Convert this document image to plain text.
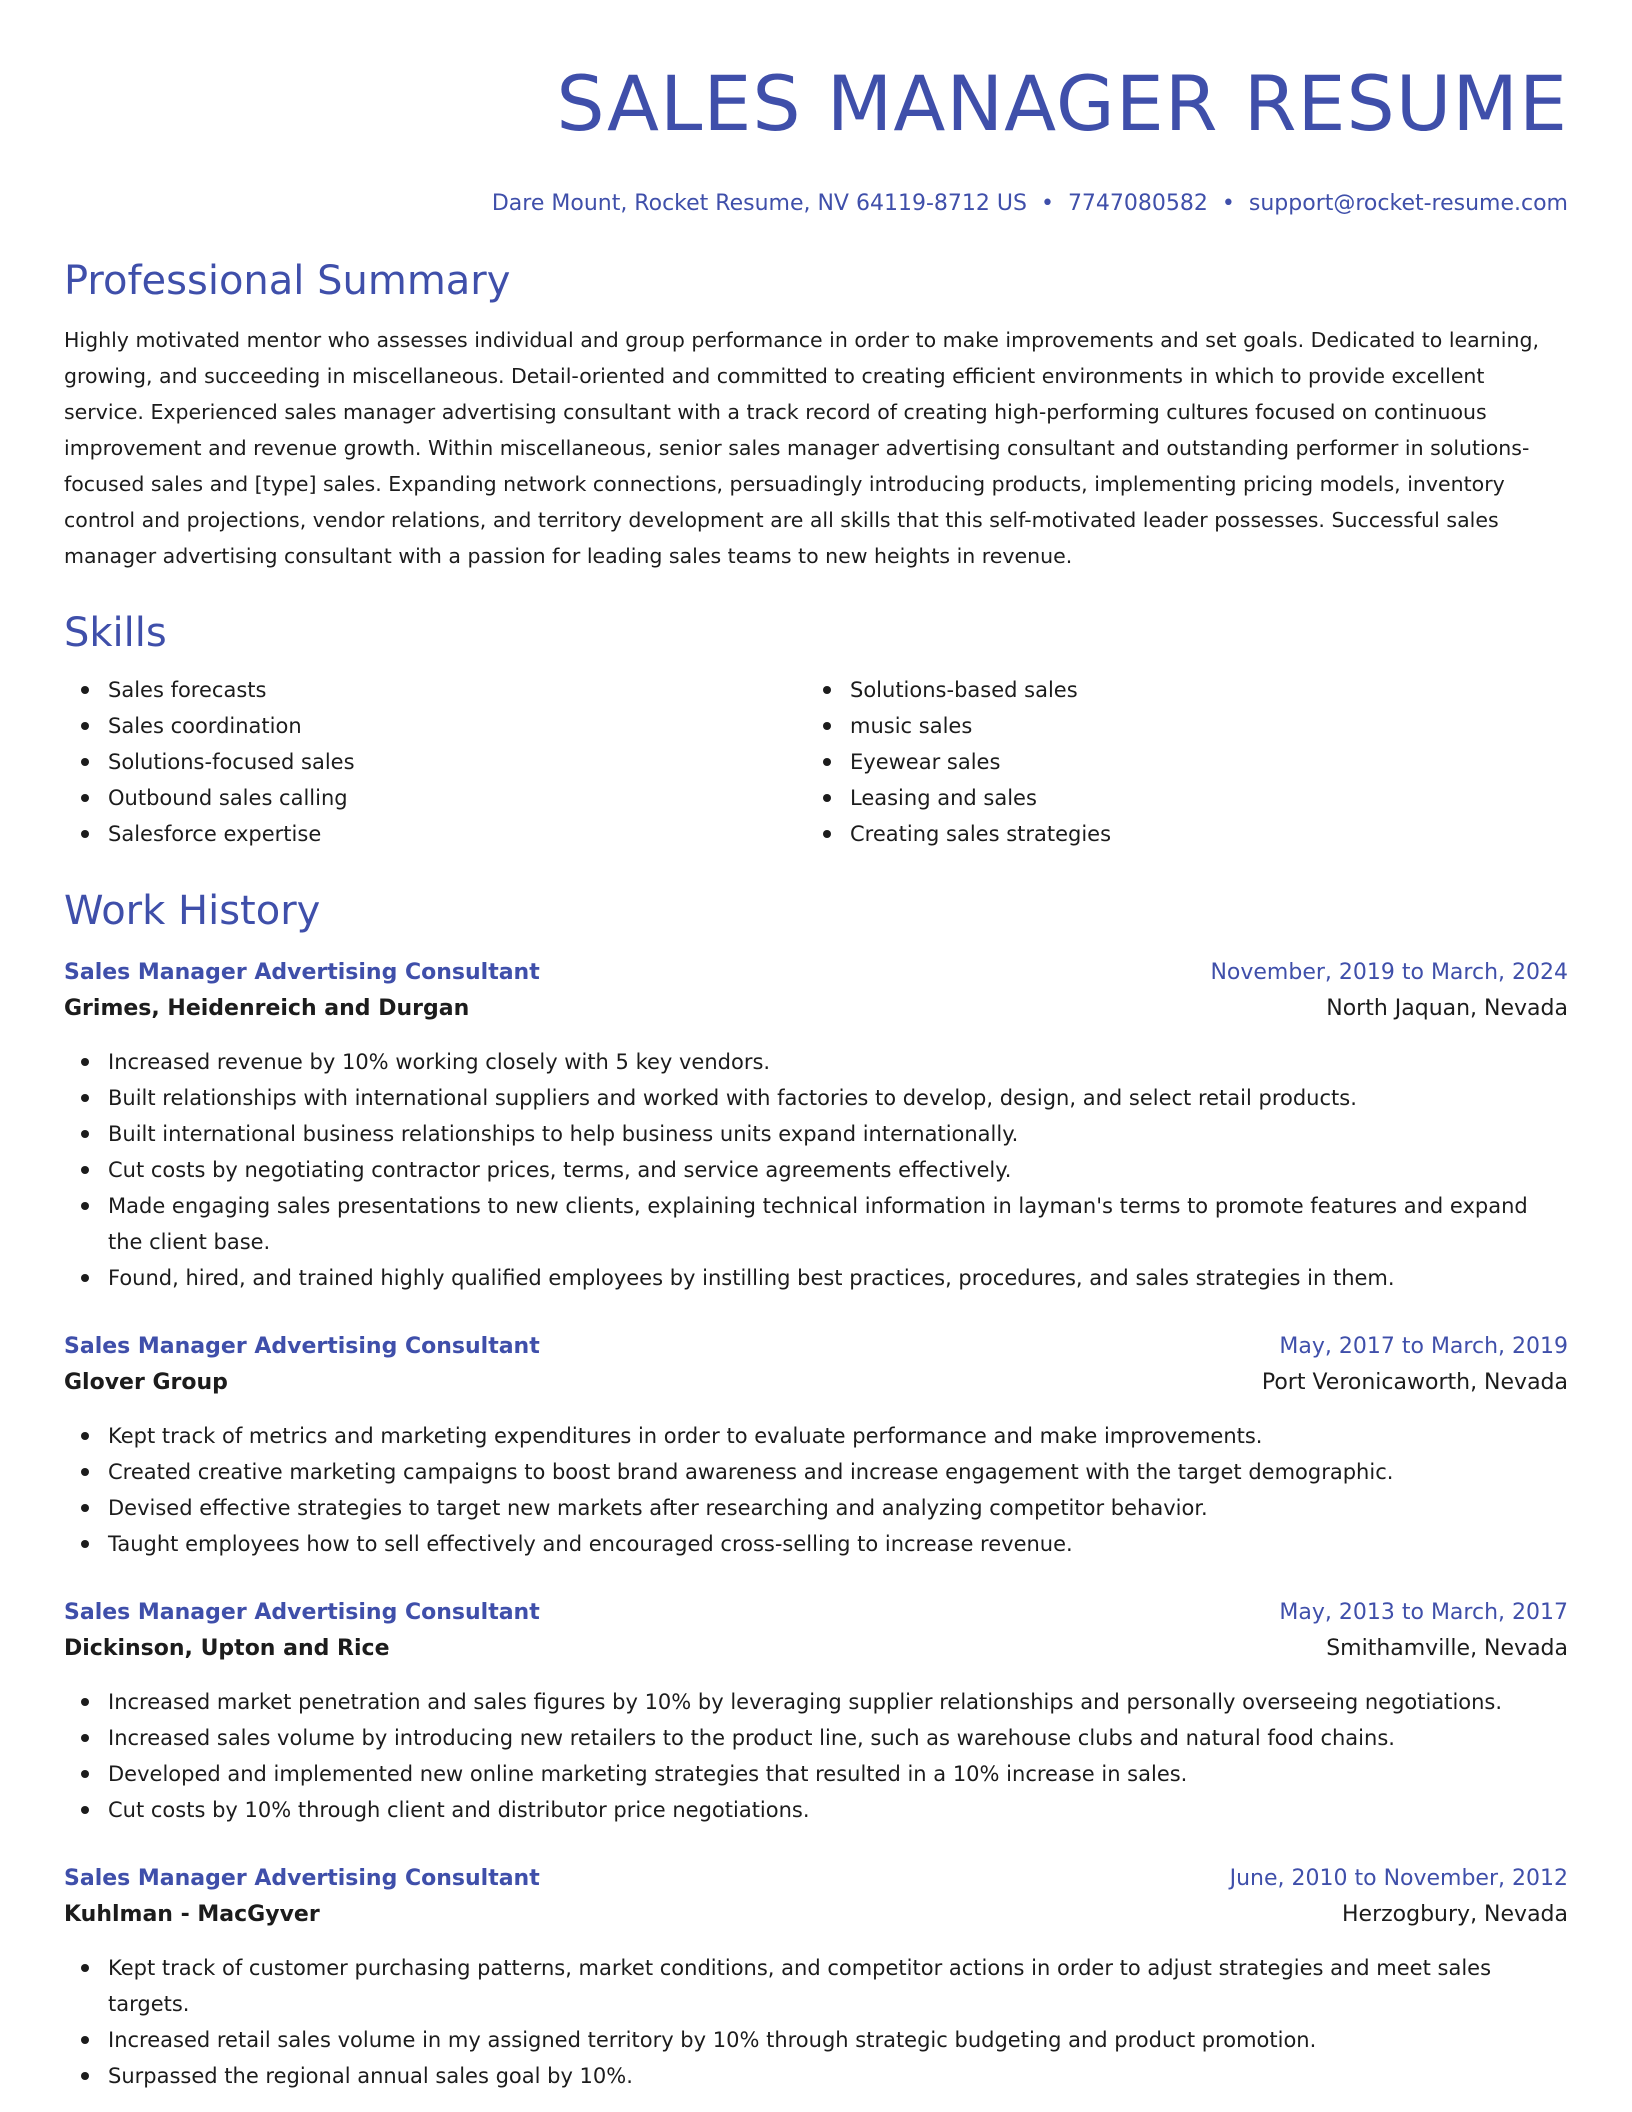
SALES MANAGER RESUME
Dare Mount, Rocket Resume, NV 64119-8712 US • 7747080582 • support@rocket-resume.com
Professional Summary

Highly motivated mentor who assesses individual and group performance in order to make improvements and set goals. Dedicated to learning, growing, and succeeding in miscellaneous. Detail-oriented and committed to creating efficient environments in which to provide excellent service. Experienced sales manager advertising consultant with a track record of creating high-performing cultures focused on continuous improvement and revenue growth. Within miscellaneous, senior sales manager advertising consultant and outstanding performer in solutions-focused sales and [type] sales. Expanding network connections, persuadingly introducing products, implementing pricing models, inventory control and projections, vendor relations, and territory development are all skills that this self-motivated leader possesses. Successful sales manager advertising consultant with a passion for leading sales teams to new heights in revenue.

Skills
Sales forecasts
Sales coordination
Solutions-focused sales
Outbound sales calling
Salesforce expertise
Solutions-based sales
music sales
Eyewear sales
Leasing and sales
Creating sales strategies
Work History
Sales Manager Advertising Consultant	November, 2019 to March, 2024
Grimes, Heidenreich and Durgan	North Jaquan, Nevada
Increased revenue by 10% working closely with 5 key vendors.
Built relationships with international suppliers and worked with factories to develop, design, and select retail products.
Built international business relationships to help business units expand internationally.
Cut costs by negotiating contractor prices, terms, and service agreements effectively.
Made engaging sales presentations to new clients, explaining technical information in layman's terms to promote features and expand the client base.
Found, hired, and trained highly qualified employees by instilling best practices, procedures, and sales strategies in them.
Sales Manager Advertising Consultant	May, 2017 to March, 2019
Glover Group	Port Veronicaworth, Nevada
Kept track of metrics and marketing expenditures in order to evaluate performance and make improvements.
Created creative marketing campaigns to boost brand awareness and increase engagement with the target demographic.
Devised effective strategies to target new markets after researching and analyzing competitor behavior.
Taught employees how to sell effectively and encouraged cross-selling to increase revenue.
Sales Manager Advertising Consultant	May, 2013 to March, 2017
Dickinson, Upton and Rice	Smithamville, Nevada
Increased market penetration and sales figures by 10% by leveraging supplier relationships and personally overseeing negotiations.
Increased sales volume by introducing new retailers to the product line, such as warehouse clubs and natural food chains.
Developed and implemented new online marketing strategies that resulted in a 10% increase in sales.
Cut costs by 10% through client and distributor price negotiations.
Sales Manager Advertising Consultant	June, 2010 to November, 2012
Kuhlman - MacGyver	Herzogbury, Nevada
Kept track of customer purchasing patterns, market conditions, and competitor actions in order to adjust strategies and meet sales targets.
Increased retail sales volume in my assigned territory by 10% through strategic budgeting and product promotion.
Surpassed the regional annual sales goal by 10%.
